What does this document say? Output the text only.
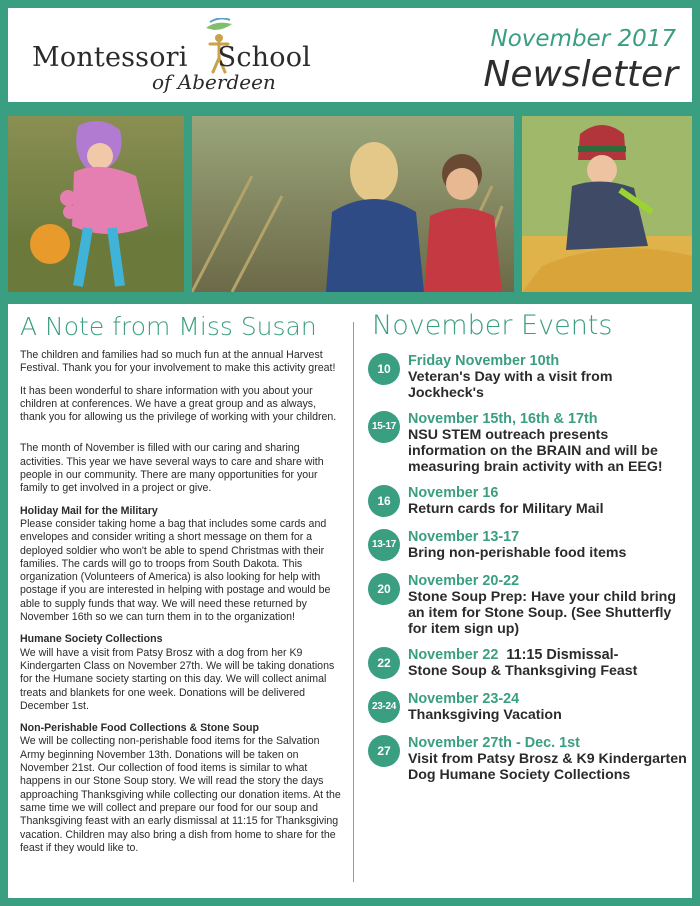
Montessori School
of Aberdeen
November 2017
Newsletter
A Note from Miss Susan

The children and families had so much fun at the annual Harvest Festival. Thank you for your involvement to make this activity great!

It has been wonderful to share information with you about your children at conferences. We have a great group and as always, thank you for allowing us the privilege of working with your children.

The month of November is filled with our caring and sharing activities. This year we have several ways to care and share with people in our community. There are many opportunities for your family to get involved in a project or give.

Holiday Mail for the Military

Please consider taking home a bag that includes some cards and envelopes and consider writing a short message on them for a deployed soldier who won't be able to spend Christmas with their families. The cards will go to troops from South Dakota. This organization (Volunteers of America) is also looking for help with postage if you are interested in helping with postage and would be able to supply funds that way. We will need these returned by November 16th so we can turn them in to the organization!

Humane Society Collections

We will have a visit from Patsy Brosz with a dog from her K9 Kindergarten Class on November 27th. We will be taking donations for the Humane society starting on this day. We will collect animal treats and blankets for one week. Donations will be delivered December 1st.

Non-Perishable Food Collections & Stone Soup

We will be collecting non-perishable food items for the Salvation Army beginning November 13th. Donations will be taken on November 21st. Our collection of food items is similar to what happens in our Stone Soup story. We will read the story the days approaching Thanksgiving while collecting our donation items. At the same time we will collect and prepare our food for our soup and Thanksgiving feast with an early dismissal at 11:15 for Thanksgiving vacation. Children may also bring a dish from home to share for the feast if they would like to.

November Events
10	Friday November 10th
Veteran's Day with a visit from Jockheck's
15-17 November 15th, 16th & 17th
NSU STEM outreach presents information on the BRAIN and will be measuring brain activity with an EEG!
16	November 16
Return cards for Military Mail
13-17 November 13-17
Bring non-perishable food items
20	November 20-22
Stone Soup Prep: Have your child bring an item for Stone Soup. (See Shutterfly for item sign up)
22	November 22 11:15 Dismissal-
Stone Soup & Thanksgiving Feast
23-24 November 23-24
Thanksgiving Vacation
27	November 27th - Dec. 1st
Visit from Patsy Brosz & K9 Kindergarten Dog Humane Society Collections
